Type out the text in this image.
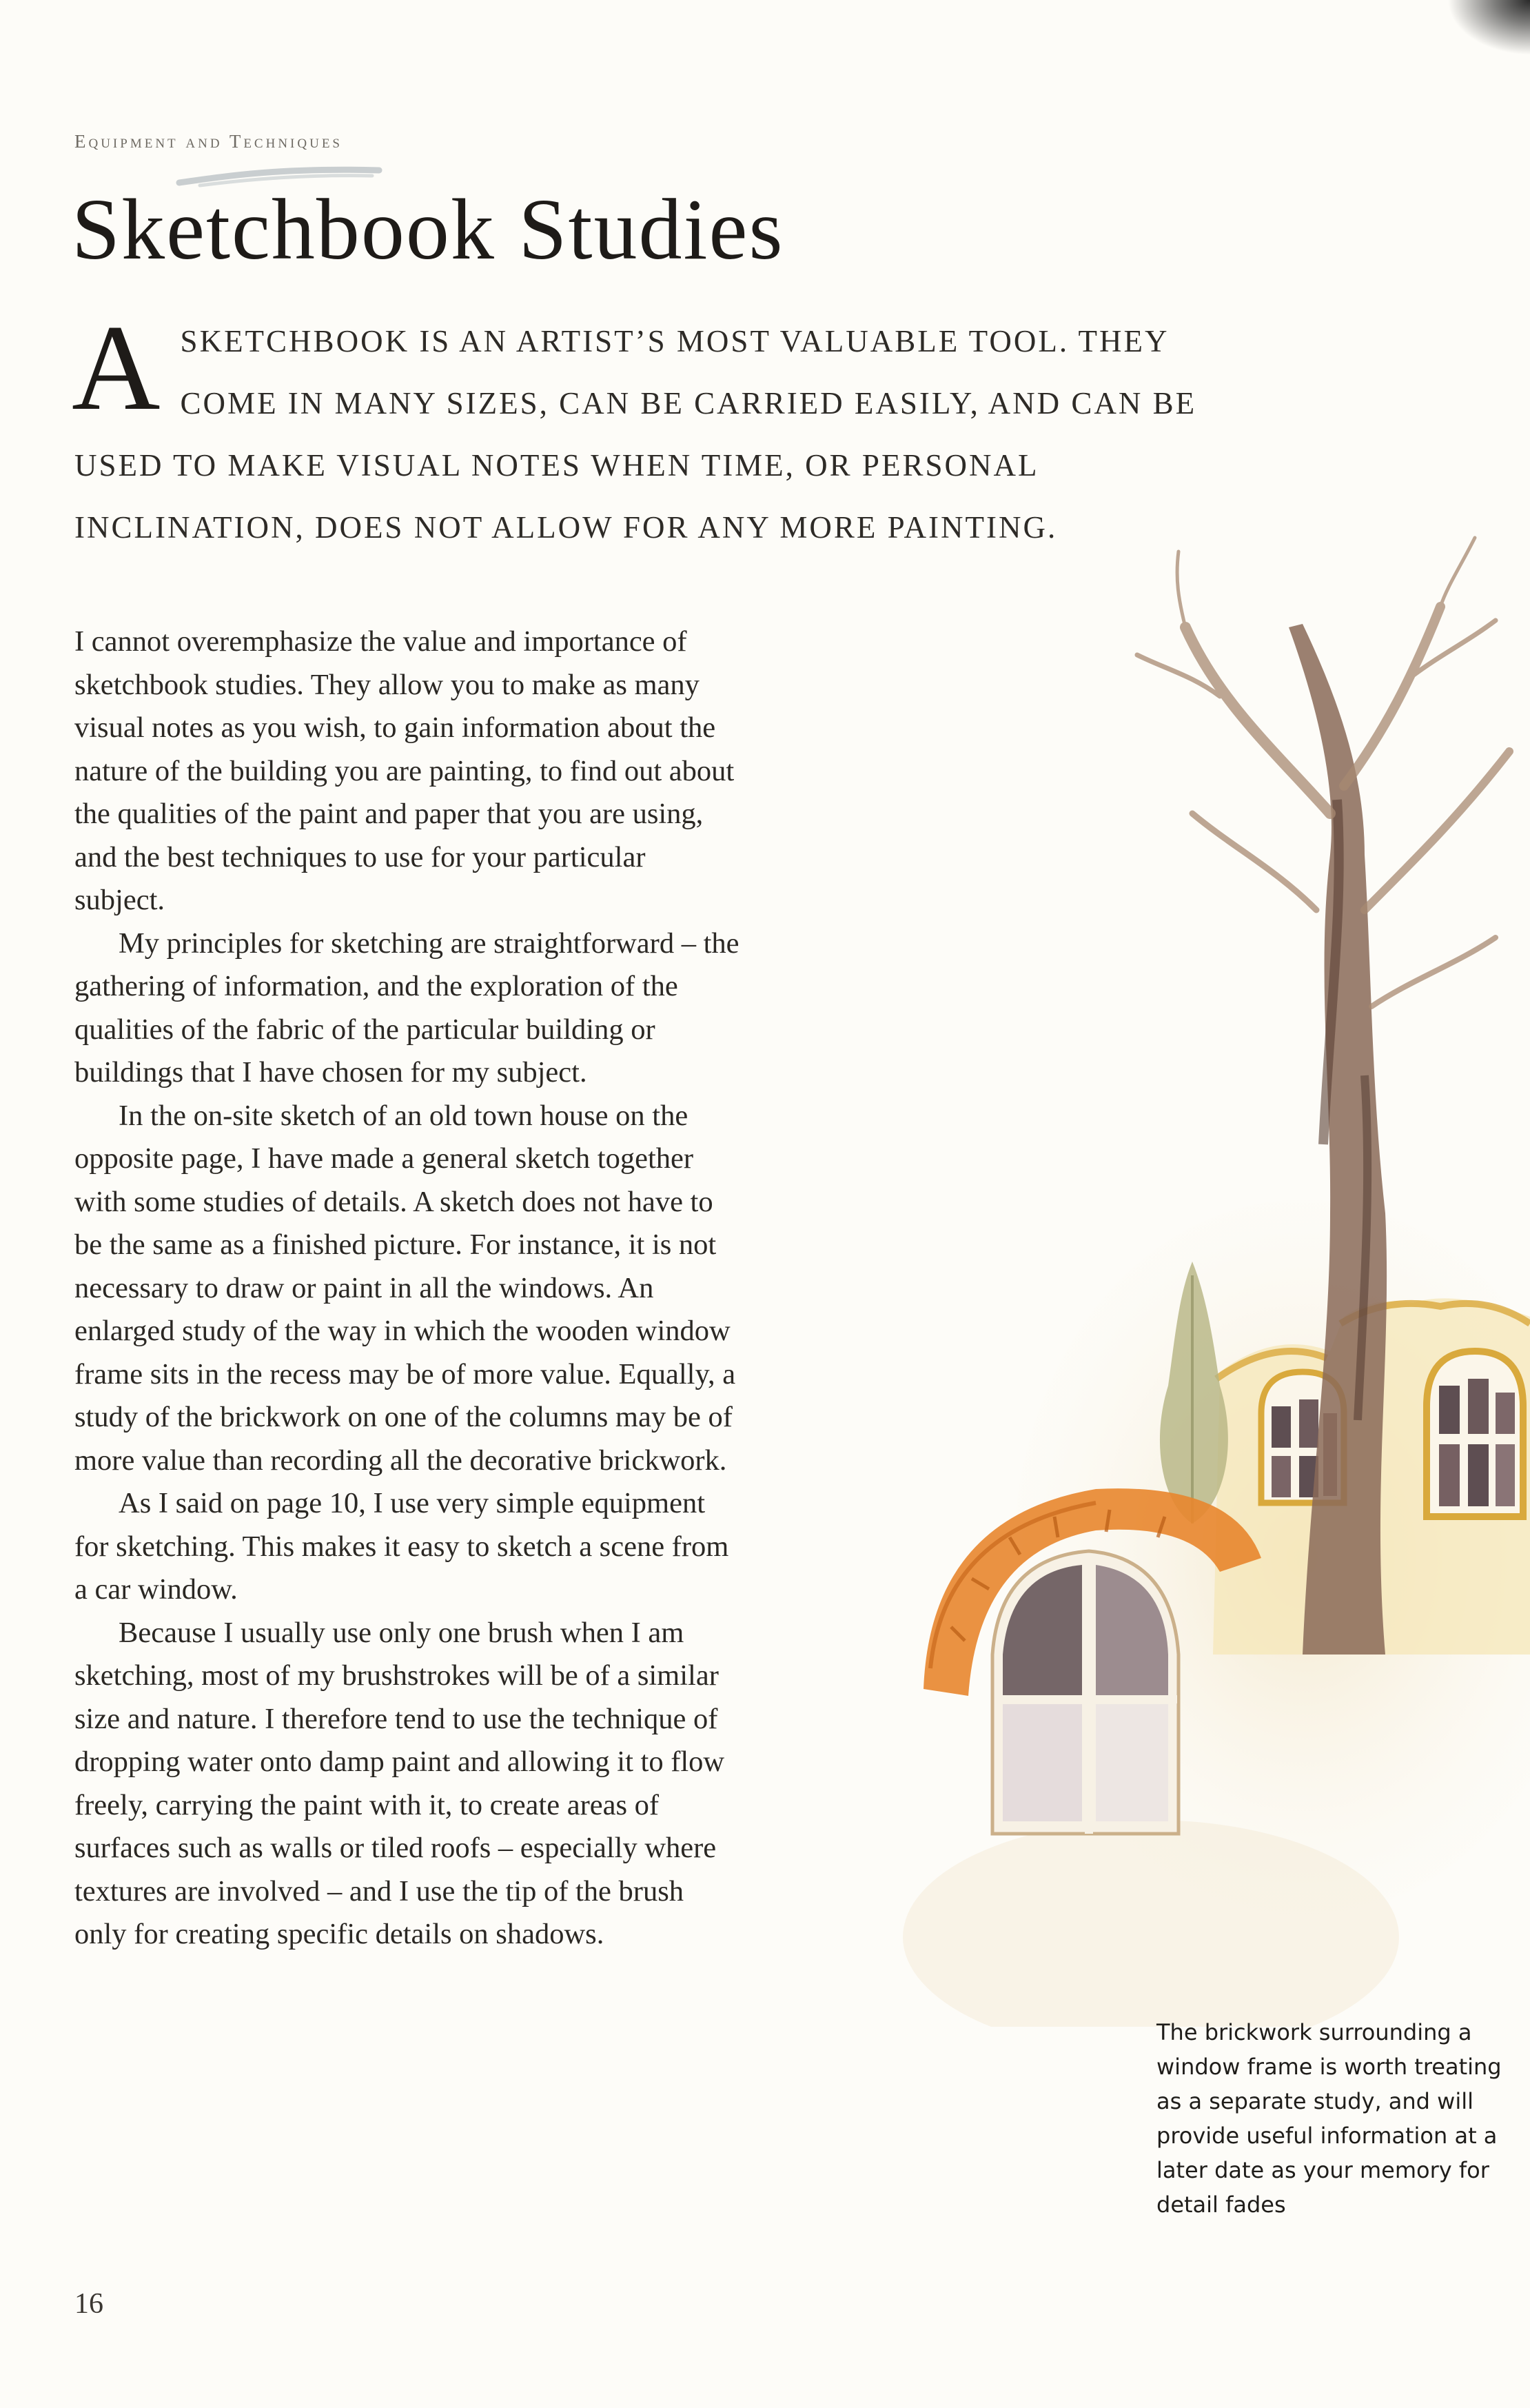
Equipment and Techniques
Sketchbook Studies

ASKETCHBOOK IS AN ARTIST’S MOST VALUABLE TOOL. THEY COME IN MANY SIZES, CAN BE CARRIED EASILY, AND CAN BE USED TO MAKE VISUAL NOTES WHEN TIME, OR PERSONAL INCLINATION, DOES NOT ALLOW FOR ANY MORE PAINTING.

I cannot overemphasize the value and importance of sketchbook studies. They allow you to make as many visual notes as you wish, to gain information about the nature of the building you are painting, to find out about the qualities of the paint and paper that you are using, and the best techniques to use for your particular subject.

My principles for sketching are straightforward – the gathering of information, and the exploration of the qualities of the fabric of the particular building or buildings that I have chosen for my subject.

In the on-site sketch of an old town house on the opposite page, I have made a general sketch together with some studies of details. A sketch does not have to be the same as a finished picture. For instance, it is not necessary to draw or paint in all the windows. An enlarged study of the way in which the wooden window frame sits in the recess may be of more value. Equally, a study of the brickwork on one of the columns may be of more value than recording all the decorative brickwork.

As I said on page 10, I use very simple equipment for sketching. This makes it easy to sketch a scene from a car window.

Because I usually use only one brush when I am sketching, most of my brushstrokes will be of a similar size and nature. I therefore tend to use the technique of dropping water onto damp paint and allowing it to flow freely, carrying the paint with it, to create areas of surfaces such as walls or tiled roofs – especially where textures are involved – and I use the tip of the brush only for creating specific details on shadows.

The brickwork surrounding a window frame is worth treating as a separate study, and will provide useful information at a later date as your memory for detail fades
16
